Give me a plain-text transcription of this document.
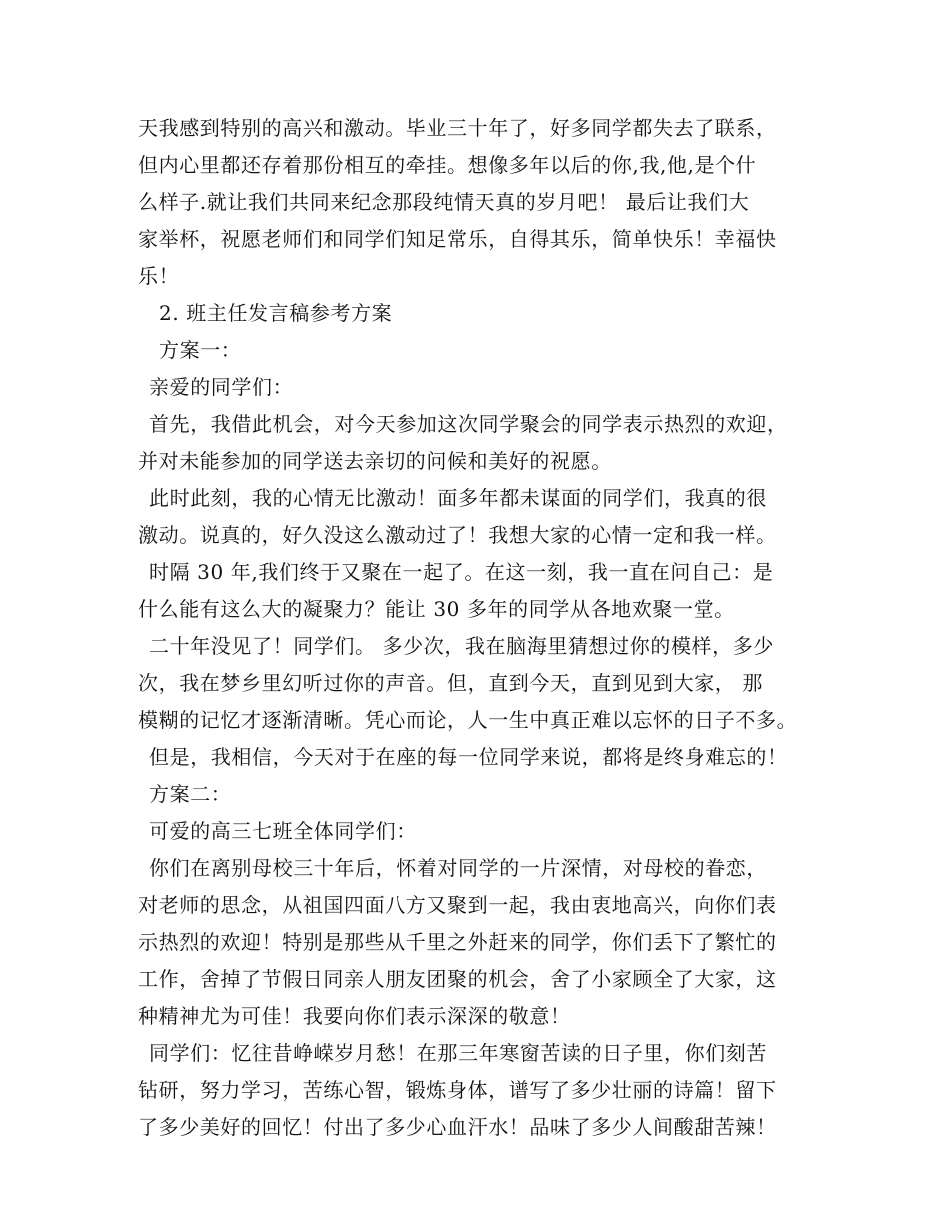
天我感到特别的高兴和激动。毕业三十年了，好多同学都失去了联系，
但内心里都还存着那份相互的牵挂。想像多年以后的你,我,他,是个什
么样子.就让我们共同来纪念那段纯情天真的岁月吧！ 最后让我们大
家举杯，祝愿老师们和同学们知足常乐，自得其乐，简单快乐！幸福快
乐！
2. 班主任发言稿参考方案
方案一：
亲爱的同学们：
首先，我借此机会，对今天参加这次同学聚会的同学表示热烈的欢迎，
并对未能参加的同学送去亲切的问候和美好的祝愿。
此时此刻，我的心情无比激动！面多年都未谋面的同学们，我真的很
激动。说真的，好久没这么激动过了！我想大家的心情一定和我一样。
时隔 30 年,我们终于又聚在一起了。在这一刻，我一直在问自己：是
什么能有这么大的凝聚力？能让 30 多年的同学从各地欢聚一堂。
二十年没见了！同学们。 多少次，我在脑海里猜想过你的模样，多少
次，我在梦乡里幻听过你的声音。但，直到今天，直到见到大家， 那
模糊的记忆才逐渐清晰。凭心而论，人一生中真正难以忘怀的日子不多。
但是，我相信，今天对于在座的每一位同学来说，都将是终身难忘的！
方案二：
可爱的高三七班全体同学们：
你们在离别母校三十年后，怀着对同学的一片深情，对母校的眷恋，
对老师的思念，从祖国四面八方又聚到一起，我由衷地高兴，向你们表
示热烈的欢迎！特别是那些从千里之外赶来的同学，你们丢下了繁忙的
工作，舍掉了节假日同亲人朋友团聚的机会，舍了小家顾全了大家，这
种精神尤为可佳！我要向你们表示深深的敬意！
同学们：忆往昔峥嵘岁月愁！在那三年寒窗苦读的日子里，你们刻苦
钻研，努力学习，苦练心智，锻炼身体，谱写了多少壮丽的诗篇！留下
了多少美好的回忆！付出了多少心血汗水！品味了多少人间酸甜苦辣！
